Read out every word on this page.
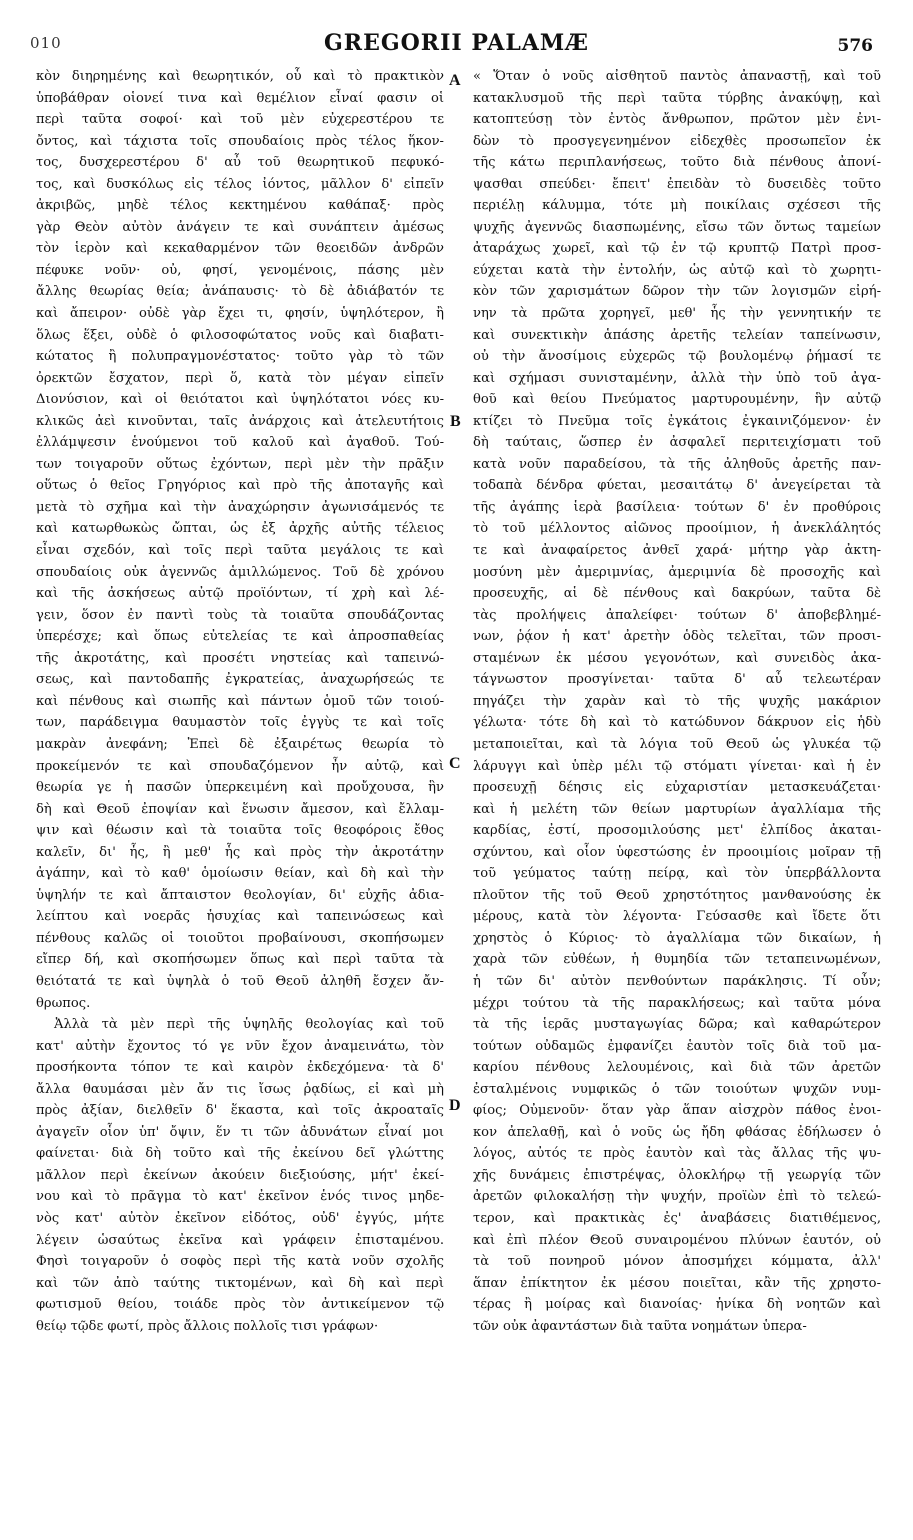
010	GREGORII PALAMÆ	576
A
B
C
D
κὸν διηρημένης καὶ θεωρητικόν, οὗ καὶ τὸ πρακτικὸν
ὑποβάθραν οἱονεί τινα καὶ θεμέλιον εἶναί φασιν οἱ
περὶ ταῦτα σοφοί· καὶ τοῦ μὲν εὐχερεστέρου τε
ὄντος, καὶ τάχιστα τοῖς σπουδαίοις πρὸς τέλος ἥκον-
τος, δυσχερεστέρου δ' αὖ τοῦ θεωρητικοῦ πεφυκό-
τος, καὶ δυσκόλως εἰς τέλος ἰόντος, μᾶλλον δ' εἰπεῖν
ἀκριβῶς, μηδὲ τέλος κεκτημένου καθάπαξ· πρὸς
γὰρ Θεὸν αὐτὸν ἀνάγειν τε καὶ συνάπτειν ἀμέσως
τὸν ἱερὸν καὶ κεκαθαρμένον τῶν θεοειδῶν ἀνδρῶν
πέφυκε νοῦν· οὐ, φησί, γενομένοις, πάσης μὲν
ἄλλης θεωρίας θεία; ἀνάπαυσις· τὸ δὲ ἀδιάβατόν τε
καὶ ἄπειρον· οὐδὲ γὰρ ἔχει τι, φησίν, ὑψηλότερον, ἢ
ὅλως ἕξει, οὐδὲ ὁ φιλοσοφώτατος νοῦς καὶ διαβατι-
κώτατος ἢ πολυπραγμονέστατος· τοῦτο γὰρ τὸ τῶν
ὀρεκτῶν ἔσχατον, περὶ ὅ, κατὰ τὸν μέγαν εἰπεῖν
Διονύσιον, καὶ οἱ θειότατοι καὶ ὑψηλότατοι νόες κυ-
κλικῶς ἀεὶ κινοῦνται, ταῖς ἀνάρχοις καὶ ἀτελευτήτοις
ἐλλάμψεσιν ἑνούμενοι τοῦ καλοῦ καὶ ἀγαθοῦ. Τού-
των τοιγαροῦν οὕτως ἐχόντων, περὶ μὲν τὴν πρᾶξιν
οὕτως ὁ θεῖος Γρηγόριος καὶ πρὸ τῆς ἀποταγῆς καὶ
μετὰ τὸ σχῆμα καὶ τὴν ἀναχώρησιν ἀγωνισάμενός τε
καὶ κατωρθωκὼς ὤπται, ὡς ἐξ ἀρχῆς αὐτῆς τέλειος
εἶναι σχεδόν, καὶ τοῖς περὶ ταῦτα μεγάλοις τε καὶ
σπουδαίοις οὐκ ἀγεννῶς ἁμιλλώμενος. Τοῦ δὲ χρόνου
καὶ τῆς ἀσκήσεως αὐτῷ προϊόντων, τί χρὴ καὶ λέ-
γειν, ὅσον ἐν παντὶ τοὺς τὰ τοιαῦτα σπουδάζοντας
ὑπερέσχε; καὶ ὅπως εὐτελείας τε καὶ ἀπροσπαθείας
τῆς ἀκροτάτης, καὶ προσέτι νηστείας καὶ ταπεινώ-
σεως, καὶ παντοδαπῆς ἐγκρατείας, ἀναχωρήσεώς τε
καὶ πένθους καὶ σιωπῆς καὶ πάντων ὁμοῦ τῶν τοιού-
των, παράδειγμα θαυμαστὸν τοῖς ἐγγὺς τε καὶ τοῖς
μακρὰν ἀνεφάνη; Ἐπεὶ δὲ ἐξαιρέτως θεωρία τὸ
προκείμενόν τε καὶ σπουδαζόμενον ἦν αὐτῷ, καὶ
θεωρία γε ἡ πασῶν ὑπερκειμένη καὶ προὔχουσα, ἣν
δὴ καὶ Θεοῦ ἐποψίαν καὶ ἕνωσιν ἄμεσον, καὶ ἔλλαμ-
ψιν καὶ θέωσιν καὶ τὰ τοιαῦτα τοῖς θεοφόροις ἔθος
καλεῖν, δι' ἧς, ἢ μεθ' ἧς καὶ πρὸς τὴν ἀκροτάτην
ἀγάπην, καὶ τὸ καθ' ὁμοίωσιν θείαν, καὶ δὴ καὶ τὴν
ὑψηλήν τε καὶ ἄπταιστον θεολογίαν, δι' εὐχῆς ἀδια-
λείπτου καὶ νοερᾶς ἡσυχίας καὶ ταπεινώσεως καὶ
πένθους καλῶς οἱ τοιοῦτοι προβαίνουσι, σκοπήσωμεν
εἴπερ δή, καὶ σκοπήσωμεν ὅπως καὶ περὶ ταῦτα τὰ
θειότατά τε καὶ ὑψηλὰ ὁ τοῦ Θεοῦ ἀληθῆ ἔσχεν ἄν-
θρωπος.
Ἀλλὰ τὰ μὲν περὶ τῆς ὑψηλῆς θεολογίας καὶ τοῦ
κατ' αὐτὴν ἔχοντος τό γε νῦν ἔχον ἀναμεινάτω, τὸν
προσήκοντα τόπον τε καὶ καιρὸν ἐκδεχόμενα· τὰ δ'
ἄλλα θαυμάσαι μὲν ἄν τις ἴσως ῥᾳδίως, εἰ καὶ μὴ
πρὸς ἀξίαν, διελθεῖν δ' ἕκαστα, καὶ τοῖς ἀκροαταῖς
ἀγαγεῖν οἷον ὑπ' ὄψιν, ἕν τι τῶν ἀδυνάτων εἶναί μοι
φαίνεται· διὰ δὴ τοῦτο καὶ τῆς ἐκείνου δεῖ γλώττης
μᾶλλον περὶ ἐκείνων ἀκούειν διεξιούσης, μήτ' ἐκεί-
νου καὶ τὸ πρᾶγμα τὸ κατ' ἐκεῖνον ἑνός τινος μηδε-
νὸς κατ' αὐτὸν ἐκεῖνον εἰδότος, οὐδ' ἐγγύς, μήτε
λέγειν ὡσαύτως ἐκεῖνα καὶ γράφειν ἐπισταμένου.
Φησὶ τοιγαροῦν ὁ σοφὸς περὶ τῆς κατὰ νοῦν σχολῆς
καὶ τῶν ἀπὸ ταύτης τικτομένων, καὶ δὴ καὶ περὶ
φωτισμοῦ θείου, τοιάδε πρὸς τὸν ἀντικείμενον τῷ
θείῳ τῷδε φωτί, πρὸς ἄλλοις πολλοῖς τισι γράφων·
« Ὅταν ὁ νοῦς αἰσθητοῦ παντὸς ἀπαναστῇ, καὶ τοῦ
κατακλυσμοῦ τῆς περὶ ταῦτα τύρβης ἀνακύψῃ, καὶ
κατοπτεύσῃ τὸν ἐντὸς ἄνθρωπον, πρῶτον μὲν ἐνι-
δὼν τὸ προσγεγενημένον εἰδεχθὲς προσωπεῖον ἐκ
τῆς κάτω περιπλανήσεως, τοῦτο διὰ πένθους ἀπονί-
ψασθαι σπεύδει· ἔπειτ' ἐπειδὰν τὸ δυσειδὲς τοῦτο
περιέλῃ κάλυμμα, τότε μὴ ποικίλαις σχέσεσι τῆς
ψυχῆς ἀγεννῶς διασπωμένης, εἴσω τῶν ὄντως ταμείων
ἀταράχως χωρεῖ, καὶ τῷ ἐν τῷ κρυπτῷ Πατρὶ προσ-
εύχεται κατὰ τὴν ἐντολήν, ὡς αὐτῷ καὶ τὸ χωρητι-
κὸν τῶν χαρισμάτων δῶρον τὴν τῶν λογισμῶν εἰρή-
νην τὰ πρῶτα χορηγεῖ, μεθ' ἧς τὴν γεννητικήν τε
καὶ συνεκτικὴν ἁπάσης ἀρετῆς τελείαν ταπείνωσιν,
οὐ τὴν ἄνοσίμοις εὐχερῶς τῷ βουλομένῳ ῥήμασί τε
καὶ σχήμασι συνισταμένην, ἀλλὰ τὴν ὑπὸ τοῦ ἀγα-
θοῦ καὶ θείου Πνεύματος μαρτυρουμένην, ἣν αὐτῷ
κτίζει τὸ Πνεῦμα τοῖς ἐγκάτοις ἐγκαινιζόμενον· ἐν
δὴ ταύταις, ὥσπερ ἐν ἀσφαλεῖ περιτειχίσματι τοῦ
κατὰ νοῦν παραδείσου, τὰ τῆς ἀληθοῦς ἀρετῆς παν-
τοδαπὰ δένδρα φύεται, μεσαιτάτῳ δ' ἀνεγείρεται τὰ
τῆς ἀγάπης ἱερὰ βασίλεια· τούτων δ' ἐν προθύροις
τὸ τοῦ μέλλοντος αἰῶνος προοίμιον, ἡ ἀνεκλάλητός
τε καὶ ἀναφαίρετος ἀνθεῖ χαρά· μήτηρ γὰρ ἀκτη-
μοσύνη μὲν ἀμεριμνίας, ἀμεριμνία δὲ προσοχῆς καὶ
προσευχῆς, αἱ δὲ πένθους καὶ δακρύων, ταῦτα δὲ
τὰς προλήψεις ἀπαλείφει· τούτων δ' ἀποβεβλημέ-
νων, ῥᾴον ἡ κατ' ἀρετὴν ὁδὸς τελεῖται, τῶν προσι-
σταμένων ἐκ μέσου γεγονότων, καὶ συνειδὸς ἀκα-
τάγνωστον προσγίνεται· ταῦτα δ' αὖ τελεωτέραν
πηγάζει τὴν χαρὰν καὶ τὸ τῆς ψυχῆς μακάριον
γέλωτα· τότε δὴ καὶ τὸ κατώδυνον δάκρυον εἰς ἡδὺ
μεταποιεῖται, καὶ τὰ λόγια τοῦ Θεοῦ ὡς γλυκέα τῷ
λάρυγγι καὶ ὑπὲρ μέλι τῷ στόματι γίνεται· καὶ ἡ ἐν
προσευχῇ δέησις εἰς εὐχαριστίαν μετασκευάζεται·
καὶ ἡ μελέτη τῶν θείων μαρτυρίων ἀγαλλίαμα τῆς
καρδίας, ἐστί, προσομιλούσης μετ' ἐλπίδος ἀκαται-
σχύντου, καὶ οἷον ὑφεστώσης ἐν προοιμίοις μοῖραν τῇ
τοῦ γεύματος ταύτῃ πείρᾳ, καὶ τὸν ὑπερβάλλοντα
πλοῦτον τῆς τοῦ Θεοῦ χρηστότητος μανθανούσης ἐκ
μέρους, κατὰ τὸν λέγοντα· Γεύσασθε καὶ ἴδετε ὅτι
χρηστὸς ὁ Κύριος· τὸ ἀγαλλίαμα τῶν δικαίων, ἡ
χαρὰ τῶν εὐθέων, ἡ θυμηδία τῶν τεταπεινωμένων,
ἡ τῶν δι' αὐτὸν πενθούντων παράκλησις. Τί οὖν;
μέχρι τούτου τὰ τῆς παρακλήσεως; καὶ ταῦτα μόνα
τὰ τῆς ἱερᾶς μυσταγωγίας δῶρα; καὶ καθαρώτερον
τούτων οὐδαμῶς ἐμφανίζει ἑαυτὸν τοῖς διὰ τοῦ μα-
καρίου πένθους λελουμένοις, καὶ διὰ τῶν ἀρετῶν
ἐσταλμένοις νυμφικῶς ὁ τῶν τοιούτων ψυχῶν νυμ-
φίος; Οὐμενοῦν· ὅταν γὰρ ἅπαν αἰσχρὸν πάθος ἐνοι-
κον ἀπελαθῇ, καὶ ὁ νοῦς ὡς ἤδη φθάσας ἐδήλωσεν ὁ
λόγος, αὐτός τε πρὸς ἑαυτὸν καὶ τὰς ἄλλας τῆς ψυ-
χῆς δυνάμεις ἐπιστρέψας, ὁλοκλήρῳ τῇ γεωργίᾳ τῶν
ἀρετῶν φιλοκαλήσῃ τὴν ψυχήν, προϊὼν ἐπὶ τὸ τελεώ-
τερον, καὶ πρακτικὰς ἐς' ἀναβάσεις διατιθέμενος,
καὶ ἐπὶ πλέον Θεοῦ συναιρομένου πλύνων ἑαυτόν, οὐ
τὰ τοῦ πονηροῦ μόνον ἀποσμήχει κόμματα, ἀλλ'
ἅπαν ἐπίκτητον ἐκ μέσου ποιεῖται, κἂν τῆς χρηστο-
τέρας ἢ μοίρας καὶ διανοίας· ἡνίκα δὴ νοητῶν καὶ
τῶν οὐκ ἀφαντάστων διὰ ταῦτα νοημάτων ὑπερα-
